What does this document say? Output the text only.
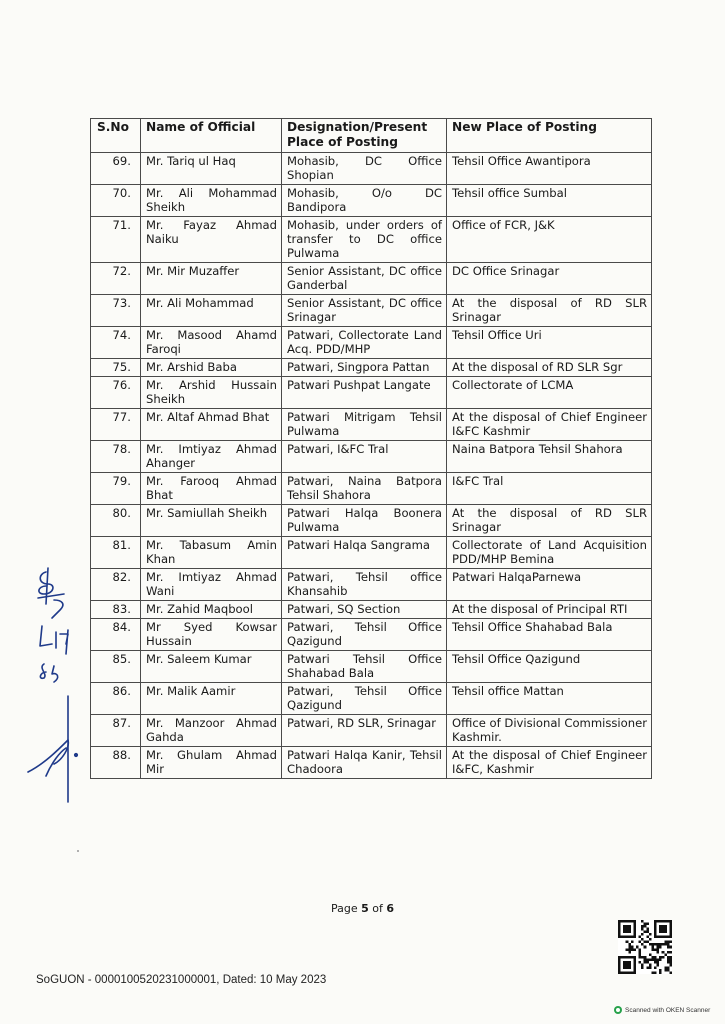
S.No	Name of Official	Designation/Present Place of Posting	New Place of Posting
69.	Mr. Tariq ul Haq	Mohasib, DC Office Shopian	Tehsil Office Awantipora
70.	Mr. Ali Mohammad Sheikh	Mohasib, O/o DC Bandipora	Tehsil office Sumbal
71.	Mr. Fayaz Ahmad Naiku	Mohasib, under orders of transfer to DC office Pulwama	Office of FCR, J&K
72.	Mr. Mir Muzaffer	Senior Assistant, DC office Ganderbal	DC Office Srinagar
73.	Mr. Ali Mohammad	Senior Assistant, DC office Srinagar	At the disposal of RD SLR Srinagar
74.	Mr. Masood Ahamd Faroqi	Patwari, Collectorate Land Acq. PDD/MHP	Tehsil Office Uri
75.	Mr. Arshid Baba	Patwari, Singpora Pattan	At the disposal of RD SLR Sgr
76.	Mr. Arshid Hussain Sheikh	Patwari Pushpat Langate	Collectorate of LCMA
77.	Mr. Altaf Ahmad Bhat	Patwari Mitrigam Tehsil Pulwama	At the disposal of Chief Engineer I&FC Kashmir
78.	Mr. Imtiyaz Ahmad Ahanger	Patwari, I&FC Tral	Naina Batpora Tehsil Shahora
79.	Mr. Farooq Ahmad Bhat	Patwari, Naina Batpora Tehsil Shahora	I&FC Tral
80.	Mr. Samiullah Sheikh	Patwari Halqa Boonera Pulwama	At the disposal of RD SLR Srinagar
81.	Mr. Tabasum Amin Khan	Patwari Halqa Sangrama	Collectorate of Land Acquisition PDD/MHP Bemina
82.	Mr. Imtiyaz Ahmad Wani	Patwari, Tehsil office Khansahib	Patwari HalqaParnewa
83.	Mr. Zahid Maqbool	Patwari, SQ Section	At the disposal of Principal RTI
84.	Mr Syed Kowsar Hussain	Patwari, Tehsil Office Qazigund	Tehsil Office Shahabad Bala
85.	Mr. Saleem Kumar	Patwari Tehsil Office Shahabad Bala	Tehsil Office Qazigund
86.	Mr. Malik Aamir	Patwari, Tehsil Office Qazigund	Tehsil office Mattan
87.	Mr. Manzoor Ahmad Gahda	Patwari, RD SLR, Srinagar	Office of Divisional Commissioner Kashmir.
88.	Mr. Ghulam Ahmad Mir	Patwari Halqa Kanir, Tehsil Chadoora	At the disposal of Chief Engineer I&FC, Kashmir
Page 5 of 6
SoGUON - 0000100520231000001, Dated: 10 May 2023
Scanned with OKEN Scanner
